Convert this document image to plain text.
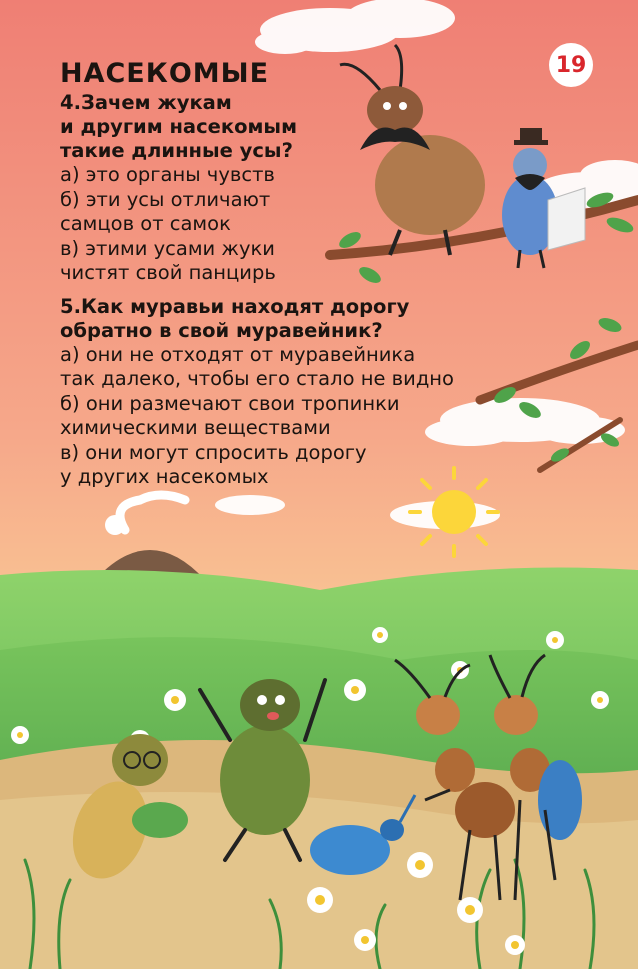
19
НАСЕКОМЫЕ

4.Зачем жукам

и другим насекомым

такие длинные усы?

а) это органы чувств

б) эти усы отличают

самцов от самок

в) этими усами жуки

чистят свой панцирь

5.Как муравьи находят дорогу

обратно в свой муравейник?

а) они не отходят от муравейника

так далеко, чтобы его стало не видно

б) они размечают свои тропинки

химическими веществами

в) они могут спросить дорогу

у других насекомых
